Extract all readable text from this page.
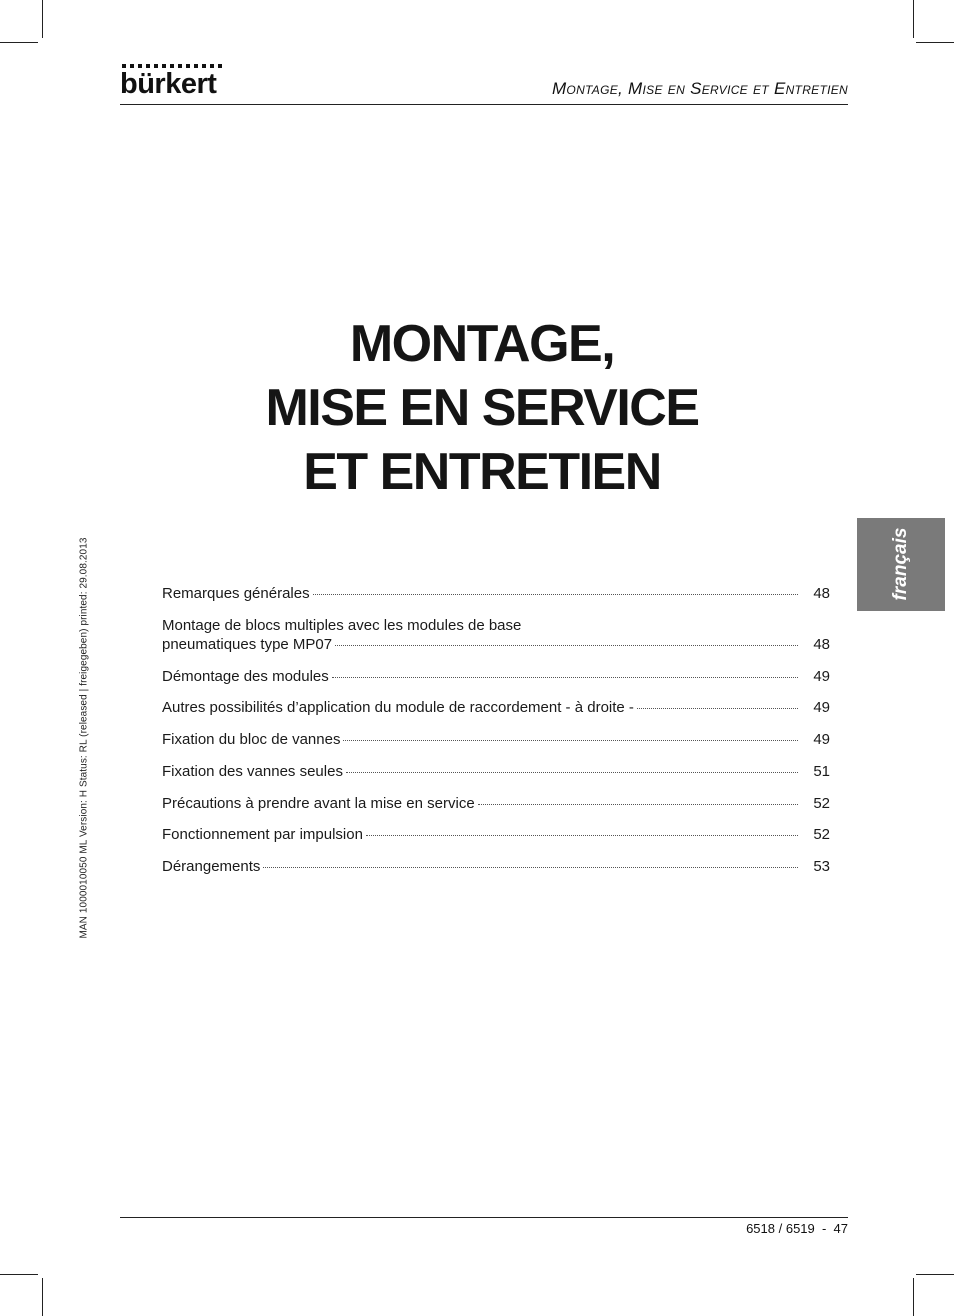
bürkert	Montage, Mise en Service et Entretien
MONTAGE,
MISE EN SERVICE
ET ENTRETIEN
français
MAN 1000010050 ML Version: H Status: RL (released | freigegeben) printed: 29.08.2013	Remarques générales	48
Montage de blocs multiples avec les modules de base
pneumatiques type MP07	48
Démontage des modules	49
Autres possibilités d’application du module de raccordement - à droite -	49
Fixation du bloc de vannes	49
Fixation des vannes seules	51
Précautions à prendre avant la mise en service	52
Fonctionnement par impulsion	52
Dérangements	53
6518 / 6519  -  47
